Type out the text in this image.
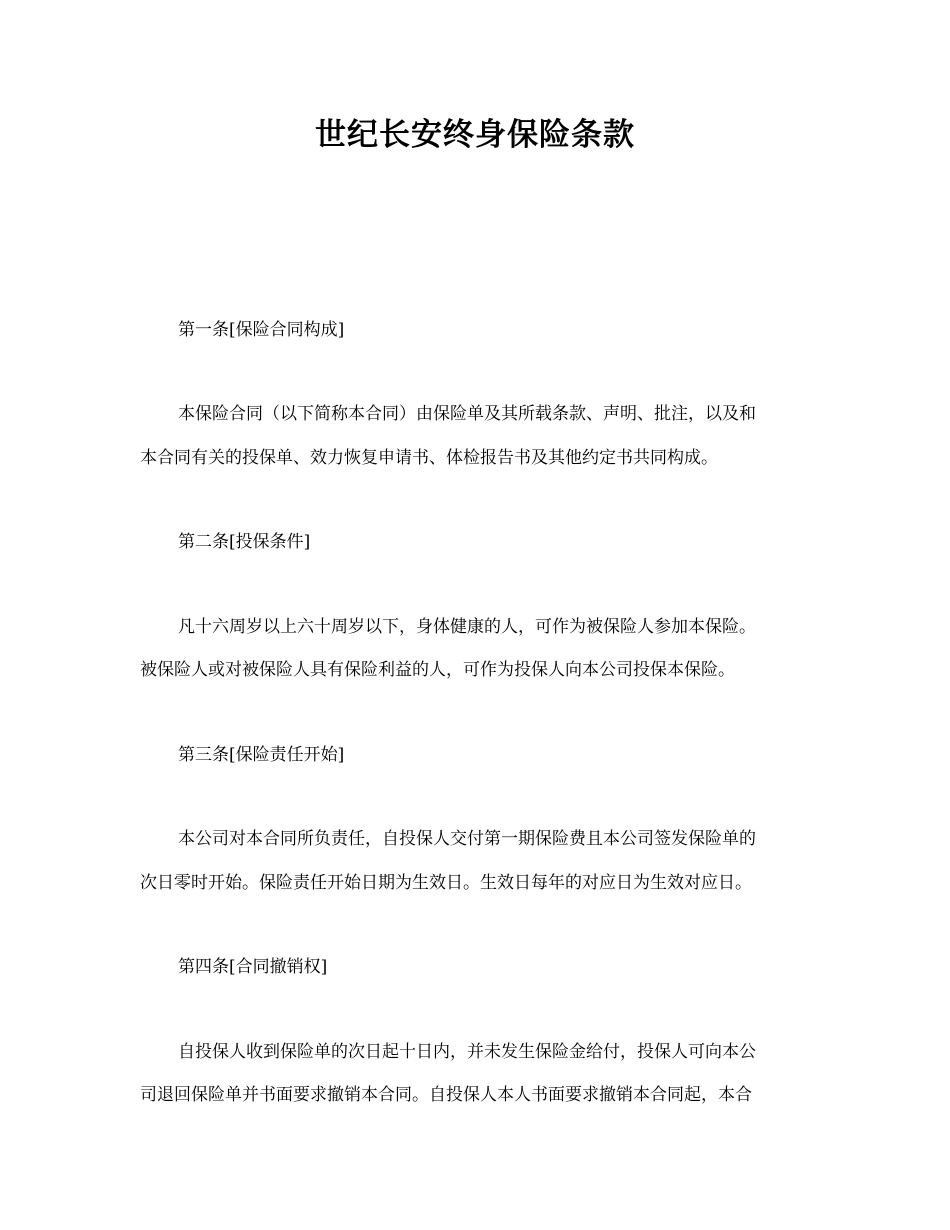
世纪长安终身保险条款

第一条[保险合同构成]

本保险合同（以下简称本合同）由保险单及其所载条款、声明、批注，以及和

本合同有关的投保单、效力恢复申请书、体检报告书及其他约定书共同构成。

第二条[投保条件]

凡十六周岁以上六十周岁以下，身体健康的人，可作为被保险人参加本保险。

被保险人或对被保险人具有保险利益的人，可作为投保人向本公司投保本保险。

第三条[保险责任开始]

本公司对本合同所负责任，自投保人交付第一期保险费且本公司签发保险单的

次日零时开始。保险责任开始日期为生效日。生效日每年的对应日为生效对应日。

第四条[合同撤销权]

自投保人收到保险单的次日起十日内，并未发生保险金给付，投保人可向本公

司退回保险单并书面要求撤销本合同。自投保人本人书面要求撤销本合同起，本合
